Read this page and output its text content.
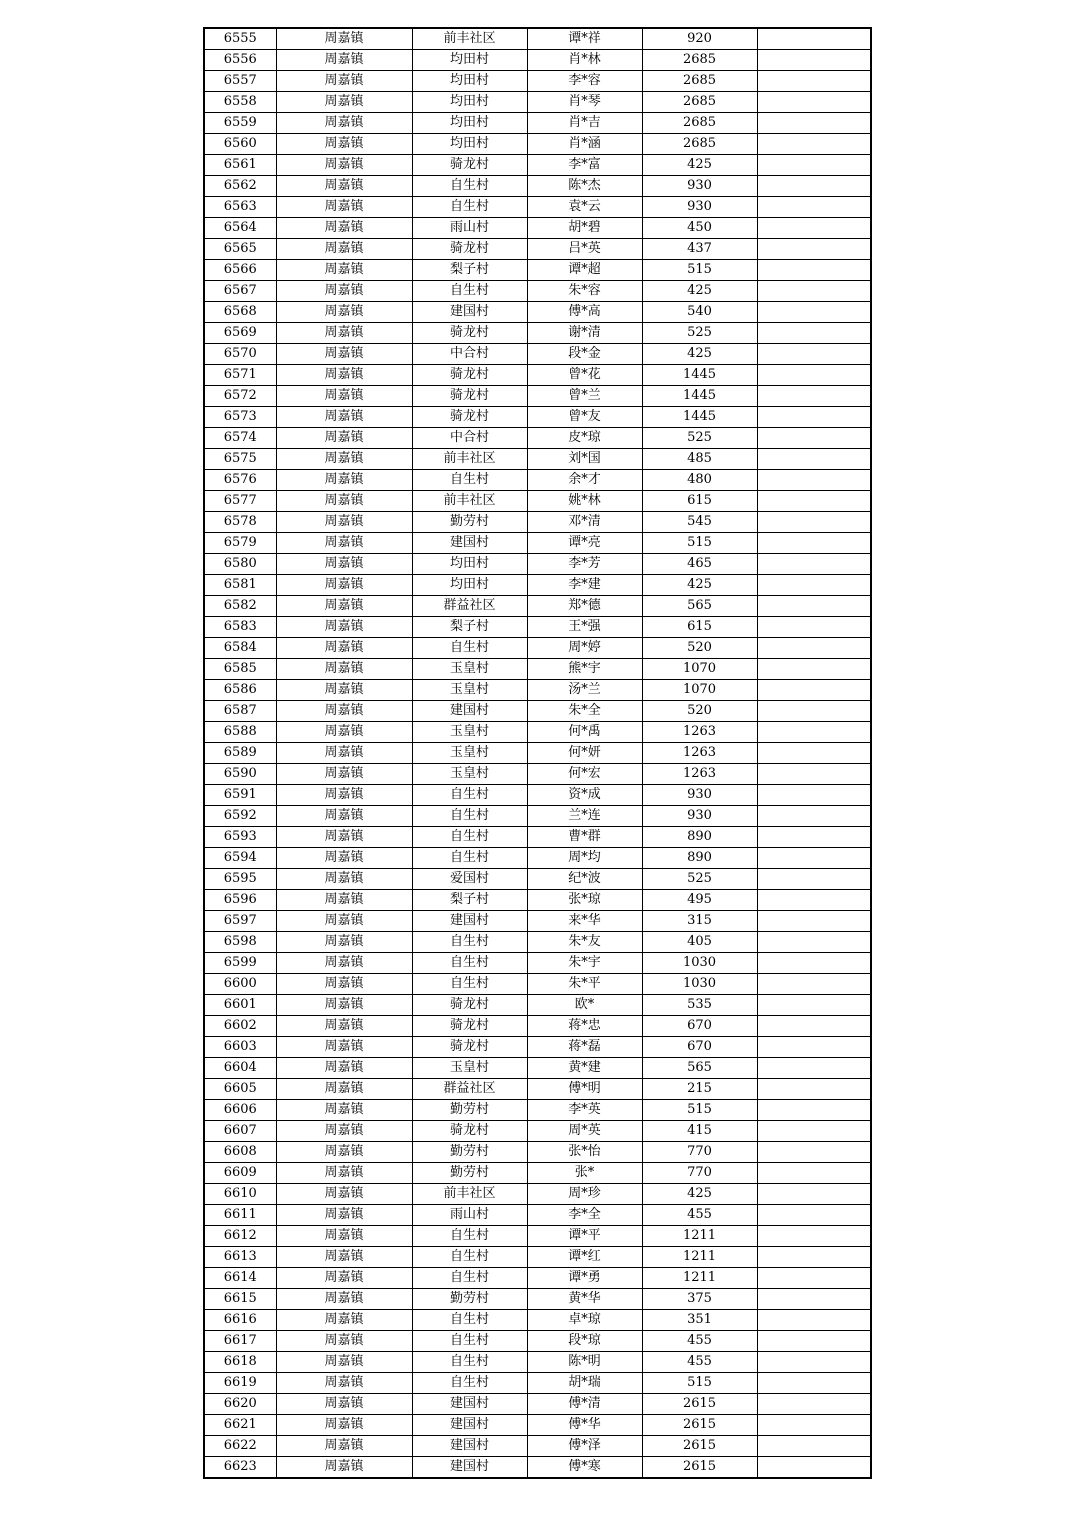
6555	周嘉镇	前丰社区	谭*祥	920	
6556	周嘉镇	均田村	肖*林	2685	
6557	周嘉镇	均田村	李*容	2685	
6558	周嘉镇	均田村	肖*琴	2685	
6559	周嘉镇	均田村	肖*吉	2685	
6560	周嘉镇	均田村	肖*涵	2685	
6561	周嘉镇	骑龙村	李*富	425	
6562	周嘉镇	自生村	陈*杰	930	
6563	周嘉镇	自生村	袁*云	930	
6564	周嘉镇	雨山村	胡*碧	450	
6565	周嘉镇	骑龙村	吕*英	437	
6566	周嘉镇	梨子村	谭*超	515	
6567	周嘉镇	自生村	朱*容	425	
6568	周嘉镇	建国村	傅*高	540	
6569	周嘉镇	骑龙村	谢*清	525	
6570	周嘉镇	中合村	段*金	425	
6571	周嘉镇	骑龙村	曾*花	1445	
6572	周嘉镇	骑龙村	曾*兰	1445	
6573	周嘉镇	骑龙村	曾*友	1445	
6574	周嘉镇	中合村	皮*琼	525	
6575	周嘉镇	前丰社区	刘*国	485	
6576	周嘉镇	自生村	余*才	480	
6577	周嘉镇	前丰社区	姚*林	615	
6578	周嘉镇	勤劳村	邓*清	545	
6579	周嘉镇	建国村	谭*亮	515	
6580	周嘉镇	均田村	李*芳	465	
6581	周嘉镇	均田村	李*建	425	
6582	周嘉镇	群益社区	郑*德	565	
6583	周嘉镇	梨子村	王*强	615	
6584	周嘉镇	自生村	周*婷	520	
6585	周嘉镇	玉皇村	熊*宇	1070	
6586	周嘉镇	玉皇村	汤*兰	1070	
6587	周嘉镇	建国村	朱*全	520	
6588	周嘉镇	玉皇村	何*禹	1263	
6589	周嘉镇	玉皇村	何*妍	1263	
6590	周嘉镇	玉皇村	何*宏	1263	
6591	周嘉镇	自生村	资*成	930	
6592	周嘉镇	自生村	兰*连	930	
6593	周嘉镇	自生村	曹*群	890	
6594	周嘉镇	自生村	周*均	890	
6595	周嘉镇	爱国村	纪*波	525	
6596	周嘉镇	梨子村	张*琼	495	
6597	周嘉镇	建国村	来*华	315	
6598	周嘉镇	自生村	朱*友	405	
6599	周嘉镇	自生村	朱*宇	1030	
6600	周嘉镇	自生村	朱*平	1030	
6601	周嘉镇	骑龙村	欧*	535	
6602	周嘉镇	骑龙村	蒋*忠	670	
6603	周嘉镇	骑龙村	蒋*磊	670	
6604	周嘉镇	玉皇村	黄*建	565	
6605	周嘉镇	群益社区	傅*明	215	
6606	周嘉镇	勤劳村	李*英	515	
6607	周嘉镇	骑龙村	周*英	415	
6608	周嘉镇	勤劳村	张*怡	770	
6609	周嘉镇	勤劳村	张*	770	
6610	周嘉镇	前丰社区	周*珍	425	
6611	周嘉镇	雨山村	李*全	455	
6612	周嘉镇	自生村	谭*平	1211	
6613	周嘉镇	自生村	谭*红	1211	
6614	周嘉镇	自生村	谭*勇	1211	
6615	周嘉镇	勤劳村	黄*华	375	
6616	周嘉镇	自生村	卓*琼	351	
6617	周嘉镇	自生村	段*琼	455	
6618	周嘉镇	自生村	陈*明	455	
6619	周嘉镇	自生村	胡*瑞	515	
6620	周嘉镇	建国村	傅*清	2615	
6621	周嘉镇	建国村	傅*华	2615	
6622	周嘉镇	建国村	傅*泽	2615	
6623	周嘉镇	建国村	傅*寒	2615	
